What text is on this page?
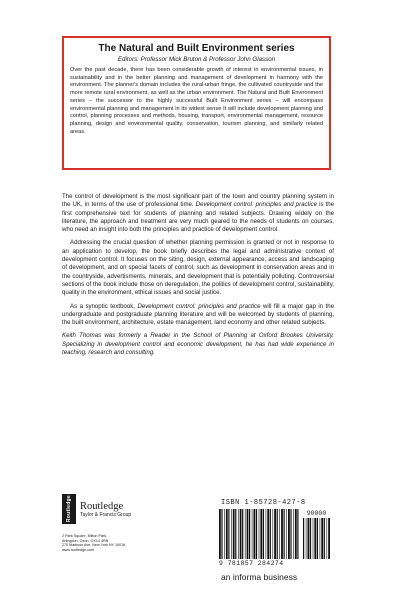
The Natural and Built Environment series

Editors: Professor Mick Bruton & Professor John Glasson

Over the past decade, there has been considerable growth of interest in environmental issues, in sustainability and in the better planning and management of development in harmony with the environment. The planner's domain includes the rural-urban fringe, the cultivated countryside and the more remote rural environment, as well as the urban environment. The Natural and Built Environment series – the successor to the highly successful Built Environment series – will encompass environmental planning and management in its widest sense It will include development planning and control, planning processes and methods, housing, transport, environmental management, resource planning, design and environmental quality, conservation, tourism planning, and similarly related areas.

The control of development is the most significant part of the town and country planning system in the UK, in terms of the use of professional time. Development control: principles and practice is the first comprehensive text for students of planning and related subjects. Drawing widely on the literature, the approach and treatment are very much geared to the needs of students on courses, who need an insight into both the principles and practice of development control.

Addressing the crucial question of whether planning permission is granted or not in response to an application to develop, the book briefly describes the legal and administrative context of development control. It focuses on the siting, design, external appearance, access and landscaping of development, and on special facets of control, such as development in conservation areas and in the countryside, advertisments, minerals, and development that is potentially polluting. Controversial sections of the book include those on deregulation, the politics of development control, sustainability, quality in the environment, ethical issues and social justice.

As a synoptic textbook, Development control: principles and practice will fill a major gap in the undergraduate and postgraduate planning literature and will be welcomed by students of planning, the built environment, architecture, estate management, land economy and other related subjects.

Keith Thomas was formerly a Reader in the School of Planning at Oxford Brookes University. Specializing in development control and economic development, he has had wide experience in teaching, research and consulting.

Routledge Routledge
Taylor & Francis Group
2 Park Square, Milton Park,
Abingdon, Oxon, OX14 4RN
270 Madison Ave, New York NY 10016
www.routledge.com
ISBN 1-85728-427-8
90000
9 781857 284274
an informa business
